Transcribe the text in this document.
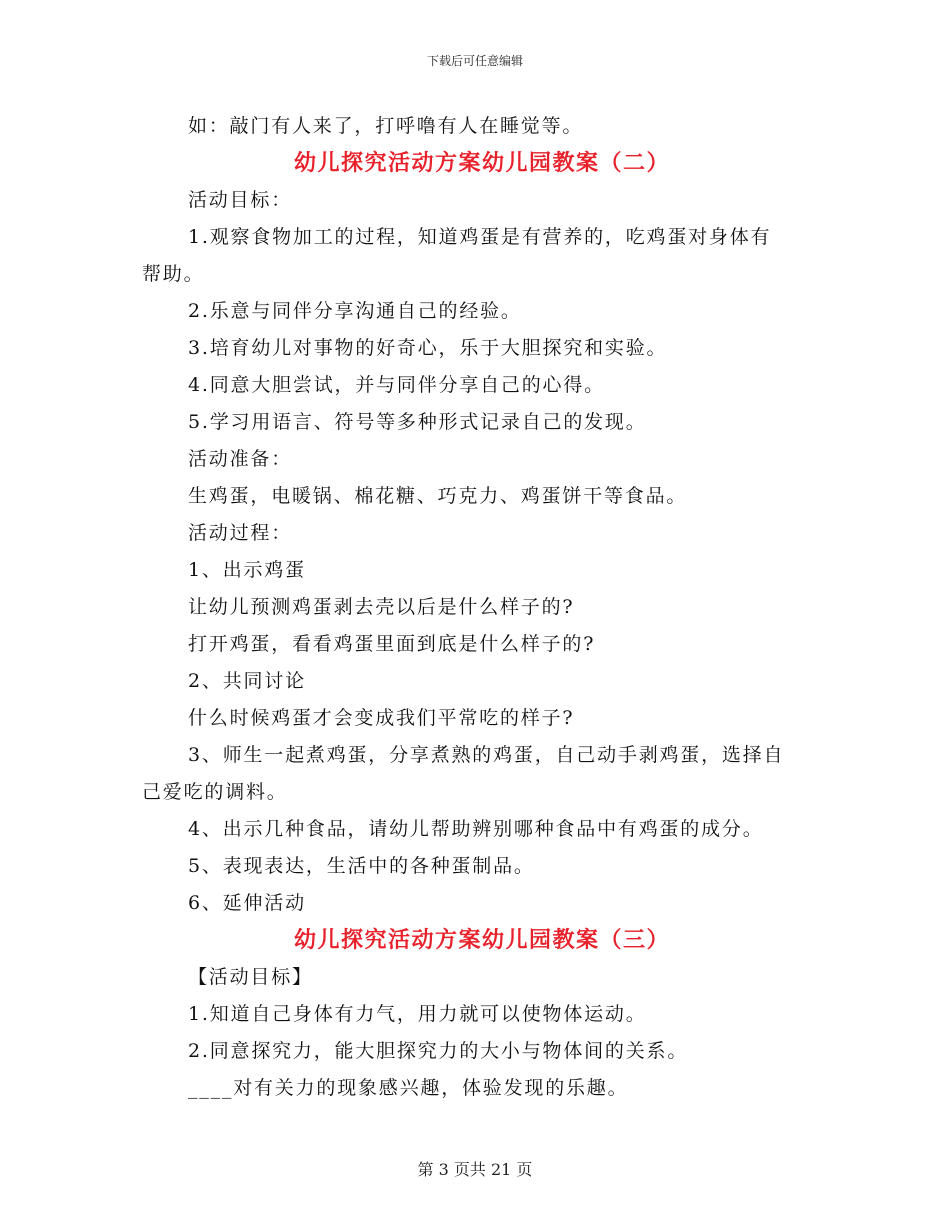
下载后可任意编辑
如：敲门有人来了，打呼噜有人在睡觉等。
幼儿探究活动方案幼儿园教案（二）
活动目标：
1.观察食物加工的过程，知道鸡蛋是有营养的，吃鸡蛋对身体有
帮助。
2.乐意与同伴分享沟通自己的经验。
3.培育幼儿对事物的好奇心，乐于大胆探究和实验。
4.同意大胆尝试，并与同伴分享自己的心得。
5.学习用语言、符号等多种形式记录自己的发现。
活动准备：
生鸡蛋，电暖锅、棉花糖、巧克力、鸡蛋饼干等食品。
活动过程：
1、出示鸡蛋
让幼儿预测鸡蛋剥去壳以后是什么样子的?
打开鸡蛋，看看鸡蛋里面到底是什么样子的?
2、共同讨论
什么时候鸡蛋才会变成我们平常吃的样子?
3、师生一起煮鸡蛋，分享煮熟的鸡蛋，自己动手剥鸡蛋，选择自
己爱吃的调料。
4、出示几种食品，请幼儿帮助辨别哪种食品中有鸡蛋的成分。
5、表现表达，生活中的各种蛋制品。
6、延伸活动
幼儿探究活动方案幼儿园教案（三）
【活动目标】
1.知道自己身体有力气，用力就可以使物体运动。
2.同意探究力，能大胆探究力的大小与物体间的关系。
____对有关力的现象感兴趣，体验发现的乐趣。
第 3 页共 21 页
